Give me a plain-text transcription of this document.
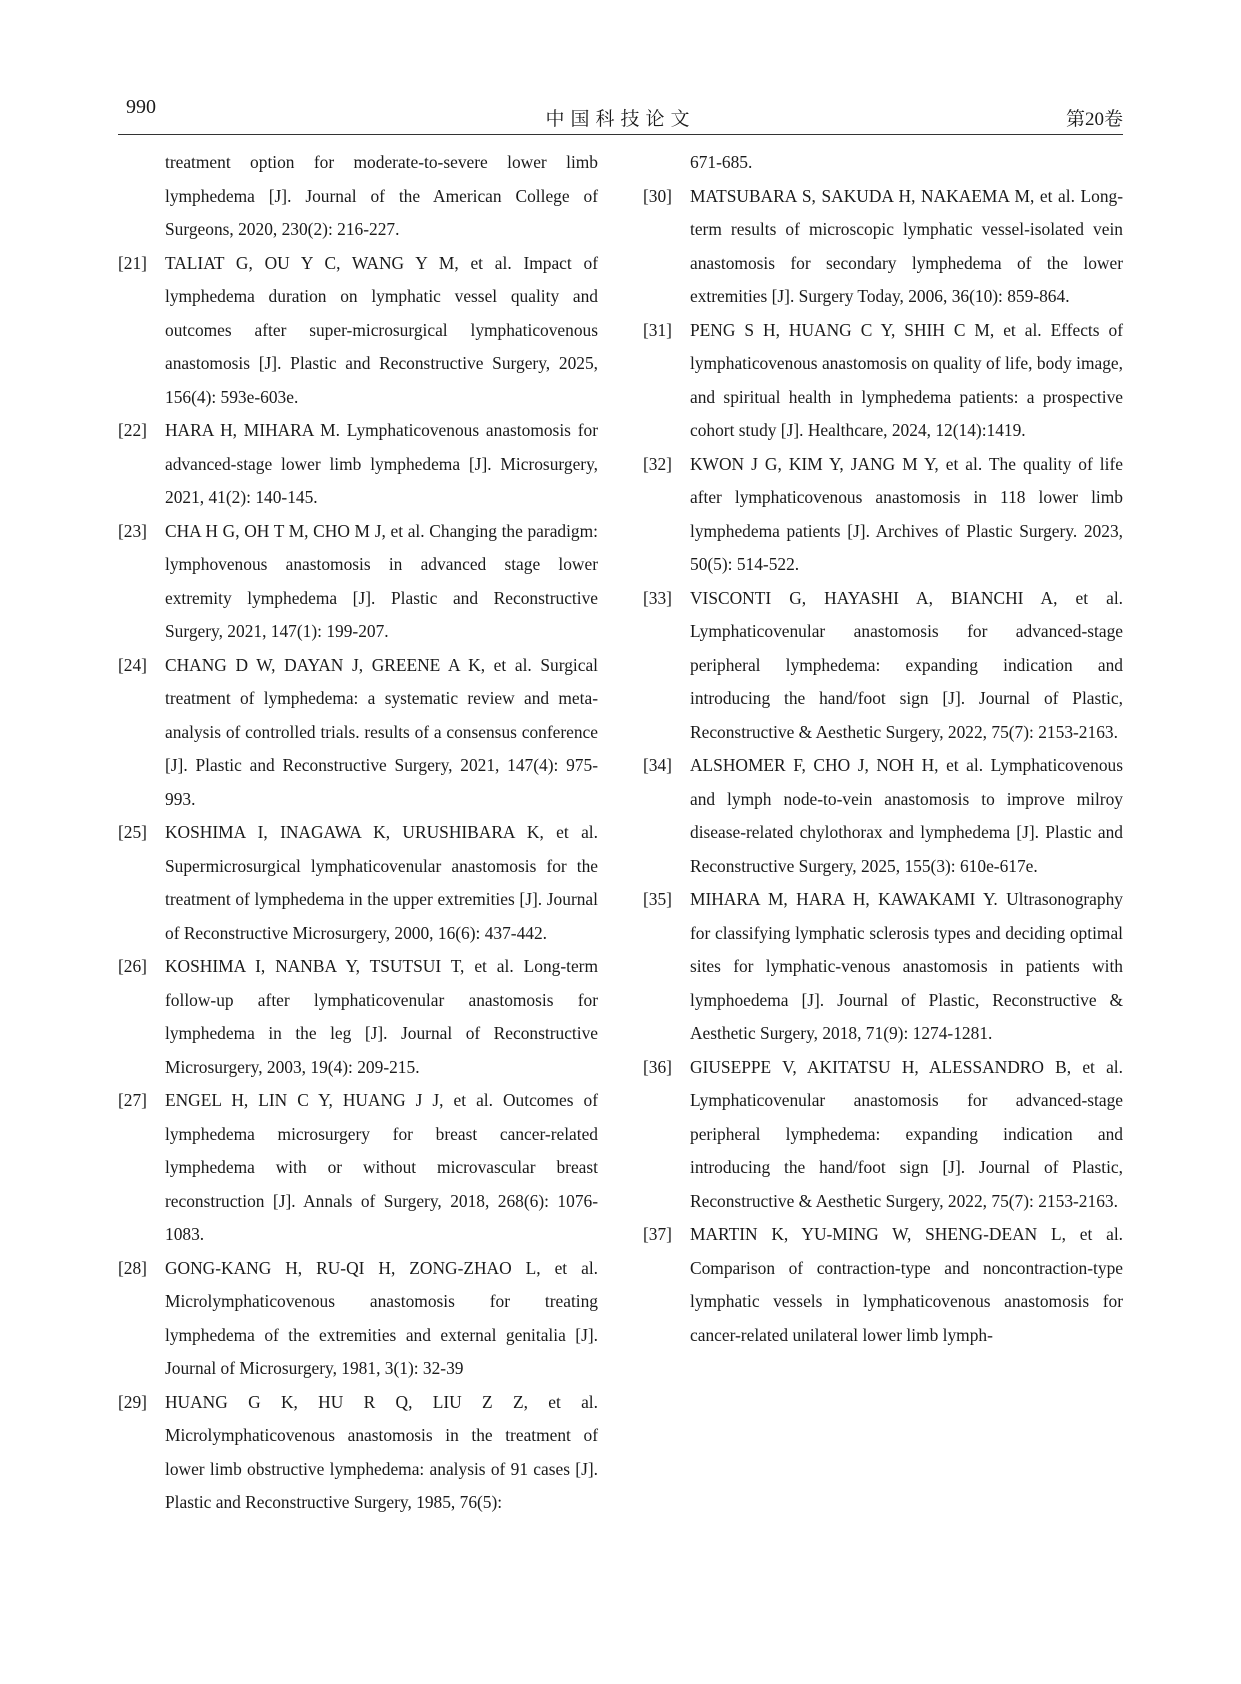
990
中国科技论文	第20卷
treatment option for moderate-to-severe lower limb lymphedema [J]. Journal of the American College of Surgeons, 2020, 230(2): 216-227.
[21] TALIAT G, OU Y C, WANG Y M, et al. Impact of lymphedema duration on lymphatic vessel quality and outcomes after super-microsurgical lymphaticovenous anastomosis [J]. Plastic and Reconstructive Surgery, 2025, 156(4): 593e-603e.
[22] HARA H, MIHARA M. Lymphaticovenous anastomosis for advanced-stage lower limb lymphedema [J]. Microsurgery, 2021, 41(2): 140-145.
[23] CHA H G, OH T M, CHO M J, et al. Changing the paradigm: lymphovenous anastomosis in advanced stage lower extremity lymphedema [J]. Plastic and Reconstructive Surgery, 2021, 147(1): 199-207.
[24] CHANG D W, DAYAN J, GREENE A K, et al. Surgical treatment of lymphedema: a systematic review and meta-analysis of controlled trials. results of a consensus conference [J]. Plastic and Reconstructive Surgery, 2021, 147(4): 975-993.
[25] KOSHIMA I, INAGAWA K, URUSHIBARA K, et al. Supermicrosurgical lymphaticovenular anastomosis for the treatment of lymphedema in the upper extremities [J]. Journal of Reconstructive Microsurgery, 2000, 16(6): 437-442.
[26] KOSHIMA I, NANBA Y, TSUTSUI T, et al. Long-term follow-up after lymphaticovenular anastomosis for lymphedema in the leg [J]. Journal of Reconstructive Microsurgery, 2003, 19(4): 209-215.
[27] ENGEL H, LIN C Y, HUANG J J, et al. Outcomes of lymphedema microsurgery for breast cancer-related lymphedema with or without microvascular breast reconstruction [J]. Annals of Surgery, 2018, 268(6): 1076-1083.
[28] GONG-KANG H, RU-QI H, ZONG-ZHAO L, et al. Microlymphaticovenous anastomosis for treating lymphedema of the extremities and external genitalia [J]. Journal of Microsurgery, 1981, 3(1): 32-39
[29] HUANG G K, HU R Q, LIU Z Z, et al. Microlymphaticovenous anastomosis in the treatment of lower limb obstructive lymphedema: analysis of 91 cases [J]. Plastic and Reconstructive Surgery, 1985, 76(5):
671-685.
[30] MATSUBARA S, SAKUDA H, NAKAEMA M, et al. Long-term results of microscopic lymphatic vessel-isolated vein anastomosis for secondary lymphedema of the lower extremities [J]. Surgery Today, 2006, 36(10): 859-864.
[31] PENG S H, HUANG C Y, SHIH C M, et al. Effects of lymphaticovenous anastomosis on quality of life, body image, and spiritual health in lymphedema patients: a prospective cohort study [J]. Healthcare, 2024, 12(14):1419.
[32] KWON J G, KIM Y, JANG M Y, et al. The quality of life after lymphaticovenous anastomosis in 118 lower limb lymphedema patients [J]. Archives of Plastic Surgery. 2023, 50(5): 514-522.
[33] VISCONTI G, HAYASHI A, BIANCHI A, et al. Lymphaticovenular anastomosis for advanced-stage peripheral lymphedema: expanding indication and introducing the hand/foot sign [J]. Journal of Plastic, Reconstructive & Aesthetic Surgery, 2022, 75(7): 2153-2163.
[34] ALSHOMER F, CHO J, NOH H, et al. Lymphaticovenous and lymph node-to-vein anastomosis to improve milroy disease-related chylothorax and lymphedema [J]. Plastic and Reconstructive Surgery, 2025, 155(3): 610e-617e.
[35] MIHARA M, HARA H, KAWAKAMI Y. Ultrasonography for classifying lymphatic sclerosis types and deciding optimal sites for lymphatic-venous anastomosis in patients with lymphoedema [J]. Journal of Plastic, Reconstructive & Aesthetic Surgery, 2018, 71(9): 1274-1281.
[36] GIUSEPPE V, AKITATSU H, ALESSANDRO B, et al. Lymphaticovenular anastomosis for advanced-stage peripheral lymphedema: expanding indication and introducing the hand/foot sign [J]. Journal of Plastic, Reconstructive & Aesthetic Surgery, 2022, 75(7): 2153-2163.
[37] MARTIN K, YU-MING W, SHENG-DEAN L, et al. Comparison of contraction-type and noncontraction-type lymphatic vessels in lymphaticovenous anastomosis for cancer-related unilateral lower limb lymph-
